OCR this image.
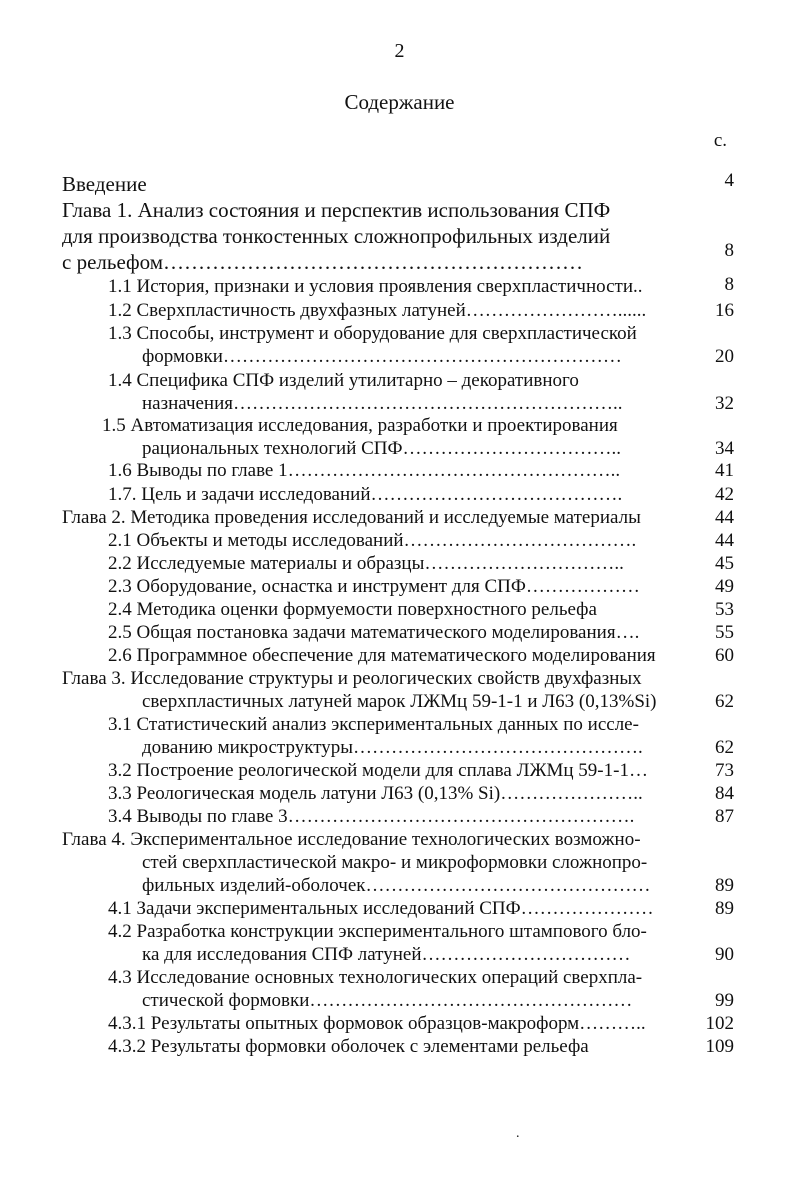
2
Содержание
с.
Введение	4
Глава 1. Анализ состояния и перспектив использования СПФ
для производства тонкостенных сложнопрофильных изделий
с рельефом……………………………………………………	8
1.1 История, признаки и условия проявления сверхпластичности..	8
1.2 Сверхпластичность двухфазных латуней……………………......	16
1.3 Способы, инструмент и оборудование для сверхпластической
формовки………………………………………………………	20
1.4 Специфика СПФ изделий утилитарно – декоративного
назначения……………………………………………………..	32
1.5 Автоматизация исследования, разработки и проектирования
рациональных технологий СПФ……………………………..	34
1.6 Выводы по главе 1……………………………………………..	41
1.7. Цель и задачи исследований………………………………….	42
Глава 2. Методика проведения исследований и исследуемые материалы	44
2.1 Объекты и методы исследований……………………………….	44
2.2 Исследуемые материалы и образцы…………………………..	45
2.3 Оборудование, оснастка и инструмент для СПФ………………	49
2.4 Методика оценки формуемости поверхностного рельефа	53
2.5 Общая постановка задачи математического моделирования….	55
2.6 Программное обеспечение для математического моделирования	60
Глава 3. Исследование структуры и реологических свойств двухфазных
сверхпластичных латуней марок ЛЖМц 59-1-1 и Л63 (0,13%Si)	62
3.1 Статистический анализ экспериментальных данных по иссле-
дованию микроструктуры……………………………………….	62
3.2 Построение реологической модели для сплава ЛЖМц 59-1-1…	73
3.3 Реологическая модель латуни Л63 (0,13% Si)…………………..	84
3.4 Выводы по главе 3……………………………………………….	87
Глава 4. Экспериментальное исследование технологических возможно-
стей сверхпластической макро- и микроформовки сложнопро-
фильных изделий-оболочек………………………………………	89
4.1 Задачи экспериментальных исследований СПФ…………………	89
4.2 Разработка конструкции экспериментального штампового бло-
ка для исследования СПФ латуней……………………………	90
4.3 Исследование основных технологических операций сверхпла-
стической формовки……………………………………………	99
4.3.1 Результаты опытных формовок образцов-макроформ………..	102
4.3.2 Результаты формовки оболочек с элементами рельефа	109
.
